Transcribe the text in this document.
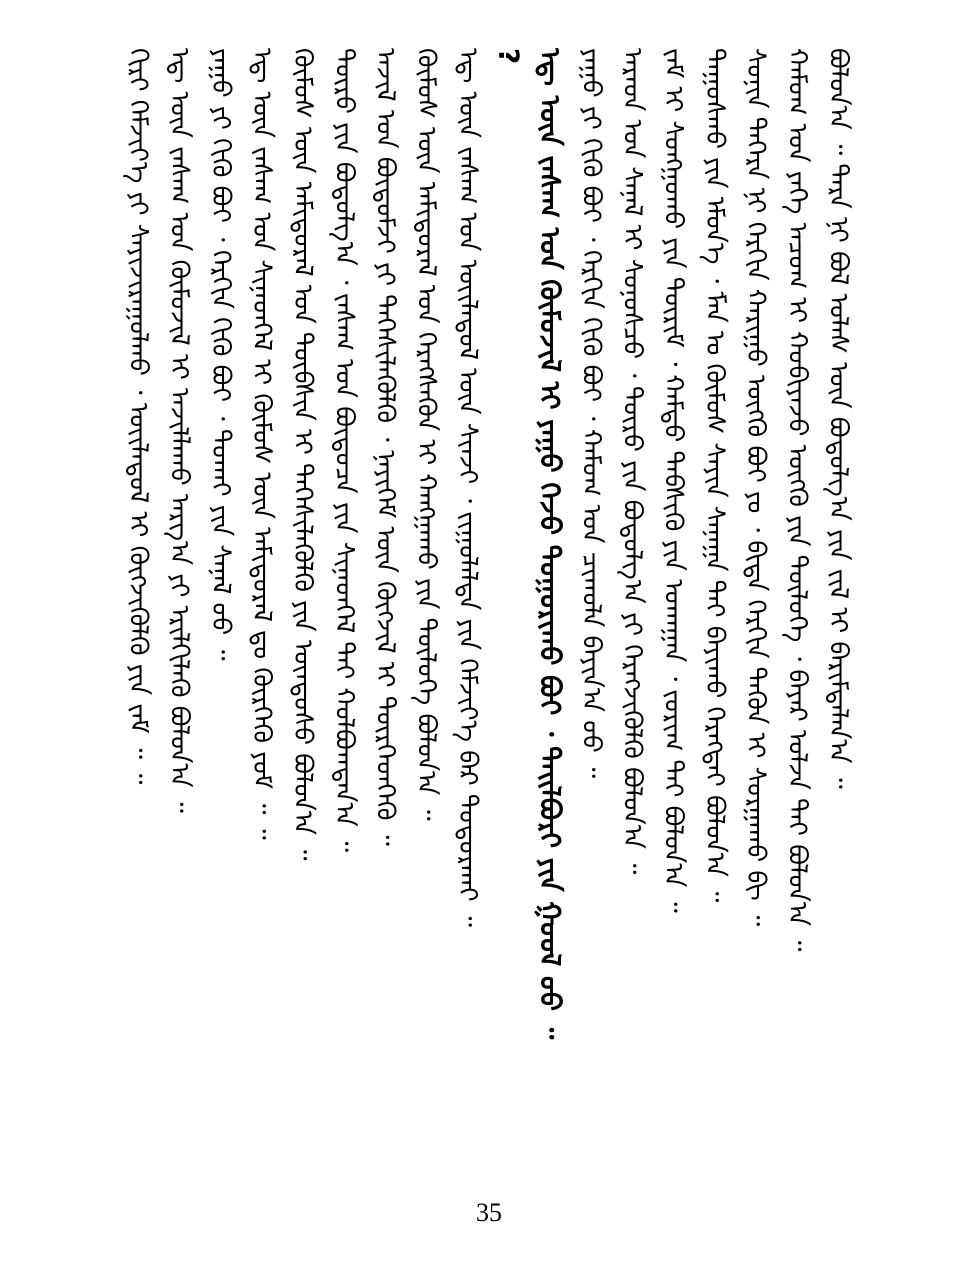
ᠪᠣᠯᠤᠨ᠎ᠠ ᠃ ᠲᠡᠷᠡ ᠨᠢ ᠪᠣᠯ ᠤᠯᠠᠰ ᠦᠨ ᠪᠣᠳᠤᠯᠭ᠎ᠠ ᠶᠢᠨ ᠵᠢᠯ ᠢ ᠪᠠᠷᠢᠮᠳᠠᠯᠠᠨ᠎ᠠ ᠃
ᠬᠠᠮᠤᠭ ᠤᠨ ᠶᠡᠬᠡ ᠠᠴᠤᠭ ᠢ ᠬᠤᠪᠢᠶᠠᠵᠤ ᠦᠭᠬᠦ ᠶᠢᠨ ᠲᠥᠯᠥᠭᠡ ᠂ ᠪᠠᠶᠠᠷ ᠣᠯᠵᠠ ᠲᠠᠢ ᠪᠣᠯᠤᠨ᠎ᠠ ᠃
ᠰᠣᠨᠢᠨ ᠳᠡᠭᠡᠷᠡ ᠨᠢ ᠬᠡᠷᠬᠢᠨ ᠬᠠᠷᠢᠭᠤ ᠦᠭᠬᠦ ᠪᠣᠢ ᠶᠤ ᠂ ᠪᠢᠳᠡ ᠬᠡᠷᠬᠢᠨ ᠲᠡᠭᠦᠨ ᠢ ᠰᠤᠷᠭᠠᠬᠤ ᠪᠢ ᠃
ᠳᠠᠭᠤᠰᠬᠤ ᠶᠢᠨ ᠡᠮᠦᠨ᠎ᠡ ᠂ ᠮᠠᠨ ᠤ ᠬᠦᠮᠦᠰ ᠰᠠᠶᠢᠨ ᠰᠠᠨᠠᠭᠠ ᠲᠠᠢ ᠪᠠᠶᠢᠬᠤ ᠬᠡᠷᠡᠭᠲᠡᠢ ᠪᠣᠯᠤᠨ᠎ᠠ ᠃
ᠵᠠᠮ ᠢ ᠰᠣᠩᠭᠤᠬᠤ ᠶᠢᠨ ᠳᠦᠷᠢᠮ ᠂ ᠬᠠᠮᠲᠤ ᠳᠡᠪᠰᠢᠬᠦ ᠶᠢᠨ ᠤᠬᠠᠭᠠᠨ ᠂ ᠵᠣᠷᠢᠭ ᠲᠠᠢ ᠪᠣᠯᠤᠨ᠎ᠠ ᠃
ᠠᠷᠠᠳ ᠤᠨ ᠰᠠᠨᠠᠯ ᠢ ᠰᠣᠨᠣᠰᠴᠤ ᠂ ᠲᠥᠷᠦ ᠶᠢᠨ ᠪᠣᠳᠤᠯᠭ᠎ᠠ ᠶᠢ ᠬᠡᠷᠡᠭᠵᠢᠭᠦᠯᠬᠦ ᠪᠣᠯᠤᠨ᠎ᠠ ᠃
ᠶᠠᠭᠤ ᠶᠢ ᠬᠢᠬᠦ ᠪᠤᠢ ᠂ ᠬᠡᠷᠬᠢᠨ ᠬᠢᠬᠦ ᠪᠤᠢ ᠂ ᠬᠠᠮᠤᠭ ᠤᠨ ᠴᠢᠬᠤᠯᠠ ᠪᠠᠶᠢᠨ᠎ᠠ ᠤᠤ ᠃
ᠡᠳ᠋ ᠦᠨ ᠵᠠᠰᠠᠭ ᠤᠨ ᠬᠦᠮᠦᠵᠢᠯ ᠢ ᠶᠠᠭᠤ ᠭᠡᠵᠦ ᠲᠤᠭᠤᠷᠢᠬᠤ ᠪᠤᠢ ᠂ ᠲᠠᠢᠯᠪᠤᠷᠢ ᠶᠢᠨ ᠭᠣᠣᠯ ᠤᠤ ᠃
?
ᠡᠳ᠋ ᠦᠨ ᠵᠠᠰᠠᠭ ᠤᠨ ᠦᠢᠯᠡᠳᠦᠯ ᠦᠨ ᠰᠢᠨᠵᠢ ᠂ ᠵᠢᠭᠤᠯᠠᠯᠲᠠ ᠶᠢᠨ ᠬᠡᠮᠵᠢᠶ᠎ᠡ ᠪᠠᠷ ᠲᠣᠳᠤᠷᠬᠠᠢ ᠃
ᠬᠦᠮᠦᠰ ᠦᠨ ᠠᠮᠢᠳᠤᠷᠠᠯ ᠤᠨ ᠬᠡᠷᠡᠭᠰᠡᠭᠦᠨ ᠢ ᠬᠠᠩᠭᠠᠬᠤ ᠶᠢᠨ ᠲᠥᠯᠥᠭᠡ ᠪᠣᠯᠤᠨ᠎ᠠ ᠃
ᠠᠵᠢᠯ ᠤᠨ ᠪᠦᠲᠦᠮᠵᠢ ᠶᠢ ᠳᠡᠭᠡᠰᠢᠯᠡᠭᠦᠯᠬᠦ ᠂ ᠨᠡᠶᠢᠭᠡᠮ ᠦᠨ ᠬᠥᠭᠵᠢᠯ ᠢ ᠲᠦᠷᠭᠡᠳᠬᠡᠬᠦ ᠃
ᠲᠥᠷᠦ ᠶᠢᠨ ᠪᠣᠳᠤᠯᠭ᠎ᠠ ᠂ ᠵᠠᠰᠠᠭ ᠤᠨ ᠪᠦᠲᠦᠴᠡ ᠶᠢᠨ ᠰᠢᠨᠡᠳᠬᠡᠯ ᠲᠡᠢ ᠬᠣᠯᠪᠣᠭᠳᠠᠨ᠎ᠠ ᠃
ᠬᠦᠮᠦᠰ ᠦᠨ ᠠᠮᠢᠳᠤᠷᠠᠯ ᠤᠨ ᠲᠦᠪᠰᠢᠨ ᠢ ᠳᠡᠭᠡᠰᠢᠯᠡᠭᠦᠯᠬᠦ ᠶᠢᠨ ᠦᠨᠳᠦᠰᠦ ᠪᠣᠯᠤᠨ᠎ᠠ ᠃
ᠡᠳ᠋ ᠦᠨ ᠵᠠᠰᠠᠭ ᠤᠨ ᠰᠢᠨᠡᠳᠬᠡᠯ ᠢ ᠬᠦᠮᠦᠰ ᠦᠨ ᠠᠮᠢᠳᠤᠷᠠᠯ ᠳᠤ ᠬᠦᠷᠭᠡᠬᠦ ᠶᠤᠮ ᠃ ᠃
ᠶᠠᠭᠤ ᠶᠢ ᠬᠢᠬᠦ ᠪᠤᠢ ᠂ ᠬᠡᠷᠬᠢᠨ ᠬᠢᠬᠦ ᠪᠤᠢ ᠂ ᠲᠤᠬᠠᠢ ᠶᠢᠨ ᠰᠠᠨᠠᠯ ᠤᠤ ᠃
ᠡᠳ᠋ ᠦᠨ ᠵᠠᠰᠠᠭ ᠤᠨ ᠬᠦᠮᠦᠵᠢᠯ ᠢ ᠠᠵᠢᠯᠯᠠᠬᠤ ᠠᠷᠭ᠎ᠠ ᠶᠢ ᠡᠷᠢᠯᠬᠢᠯᠡᠬᠦ ᠪᠣᠯᠤᠨ᠎ᠠ ᠃
ᠬᠢᠷᠢ ᠬᠡᠮᠵᠢᠶ᠎ᠡ ᠶᠢ ᠰᠠᠶᠢᠵᠢᠷᠠᠭᠤᠯᠬᠤ ᠂ ᠦᠢᠯᠡᠳᠦᠯ ᠢ ᠬᠥᠭᠵᠢᠭᠦᠯᠬᠦ ᠶᠢᠨ ᠵᠠᠮ ᠃ ᠃
35
